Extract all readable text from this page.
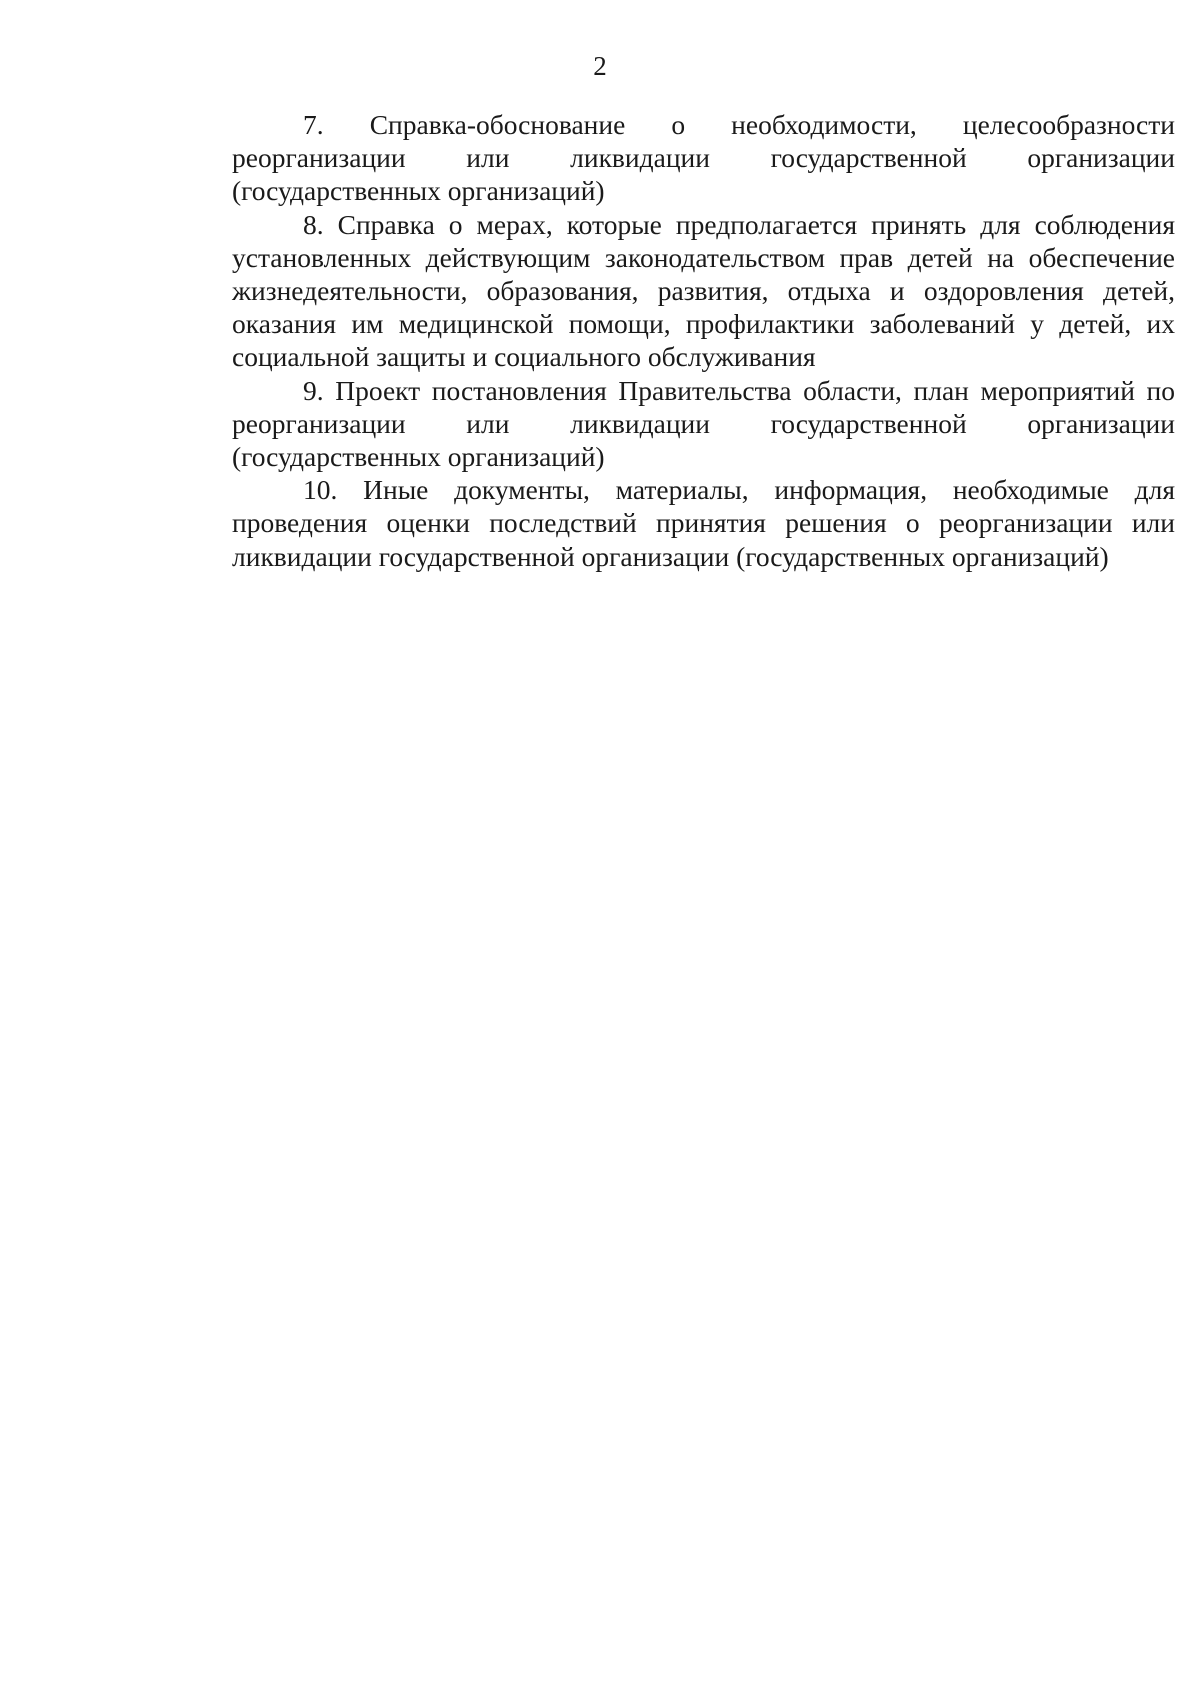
2

7. Справка-обоснование о необходимости, целесообразности реорганизации или ликвидации государственной организации (государственных организаций)

8. Справка о мерах, которые предполагается принять для соблюдения установленных действующим законодательством прав детей на обеспечение жизнедеятельности, образования, развития, отдыха и оздоровления детей, оказания им медицинской помощи, профилактики заболеваний у детей, их социальной защиты и социального обслуживания

9. Проект постановления Правительства области, план мероприятий по реорганизации или ликвидации государственной организации (государственных организаций)

10. Иные документы, материалы, информация, необходимые для проведения оценки последствий принятия решения о реорганизации или ликвидации государственной организации (государственных организаций)
